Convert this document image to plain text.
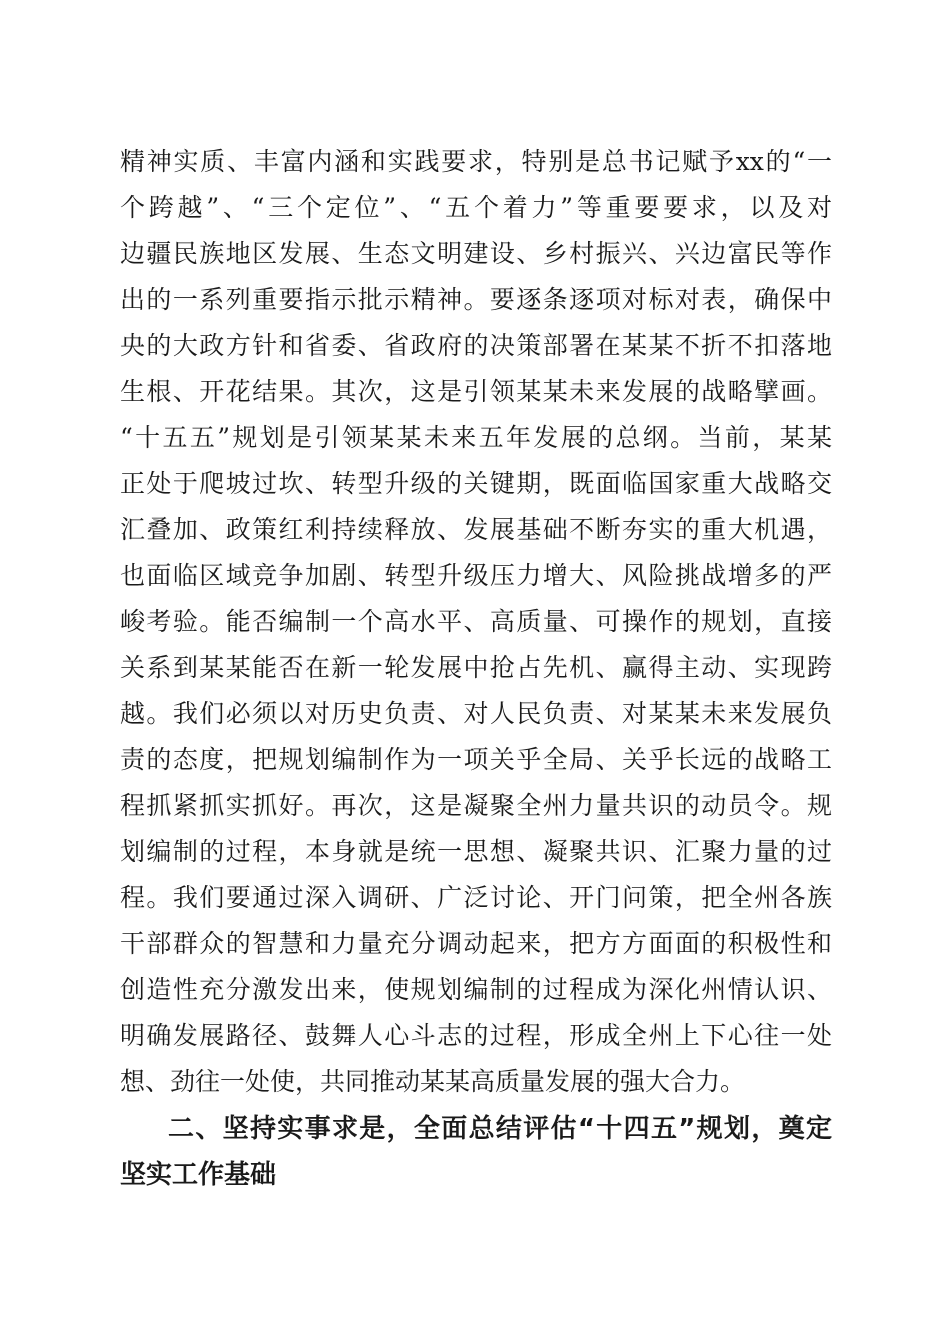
精神实质、丰富内涵和实践要求，特别是总书记赋予xx的“一
个跨越”、“三个定位”、“五个着力”等重要要求，以及对
边疆民族地区发展、生态文明建设、乡村振兴、兴边富民等作
出的一系列重要指示批示精神。要逐条逐项对标对表，确保中
央的大政方针和省委、省政府的决策部署在某某不折不扣落地
生根、开花结果。其次，这是引领某某未来发展的战略擘画。
“十五五”规划是引领某某未来五年发展的总纲。当前，某某
正处于爬坡过坎、转型升级的关键期，既面临国家重大战略交
汇叠加、政策红利持续释放、发展基础不断夯实的重大机遇，
也面临区域竞争加剧、转型升级压力增大、风险挑战增多的严
峻考验。能否编制一个高水平、高质量、可操作的规划，直接
关系到某某能否在新一轮发展中抢占先机、赢得主动、实现跨
越。我们必须以对历史负责、对人民负责、对某某未来发展负
责的态度，把规划编制作为一项关乎全局、关乎长远的战略工
程抓紧抓实抓好。再次，这是凝聚全州力量共识的动员令。规
划编制的过程，本身就是统一思想、凝聚共识、汇聚力量的过
程。我们要通过深入调研、广泛讨论、开门问策，把全州各族
干部群众的智慧和力量充分调动起来，把方方面面的积极性和
创造性充分激发出来，使规划编制的过程成为深化州情认识、
明确发展路径、鼓舞人心斗志的过程，形成全州上下心往一处
想、劲往一处使，共同推动某某高质量发展的强大合力。
二、坚持实事求是，全面总结评估“十四五”规划，奠定
坚实工作基础
